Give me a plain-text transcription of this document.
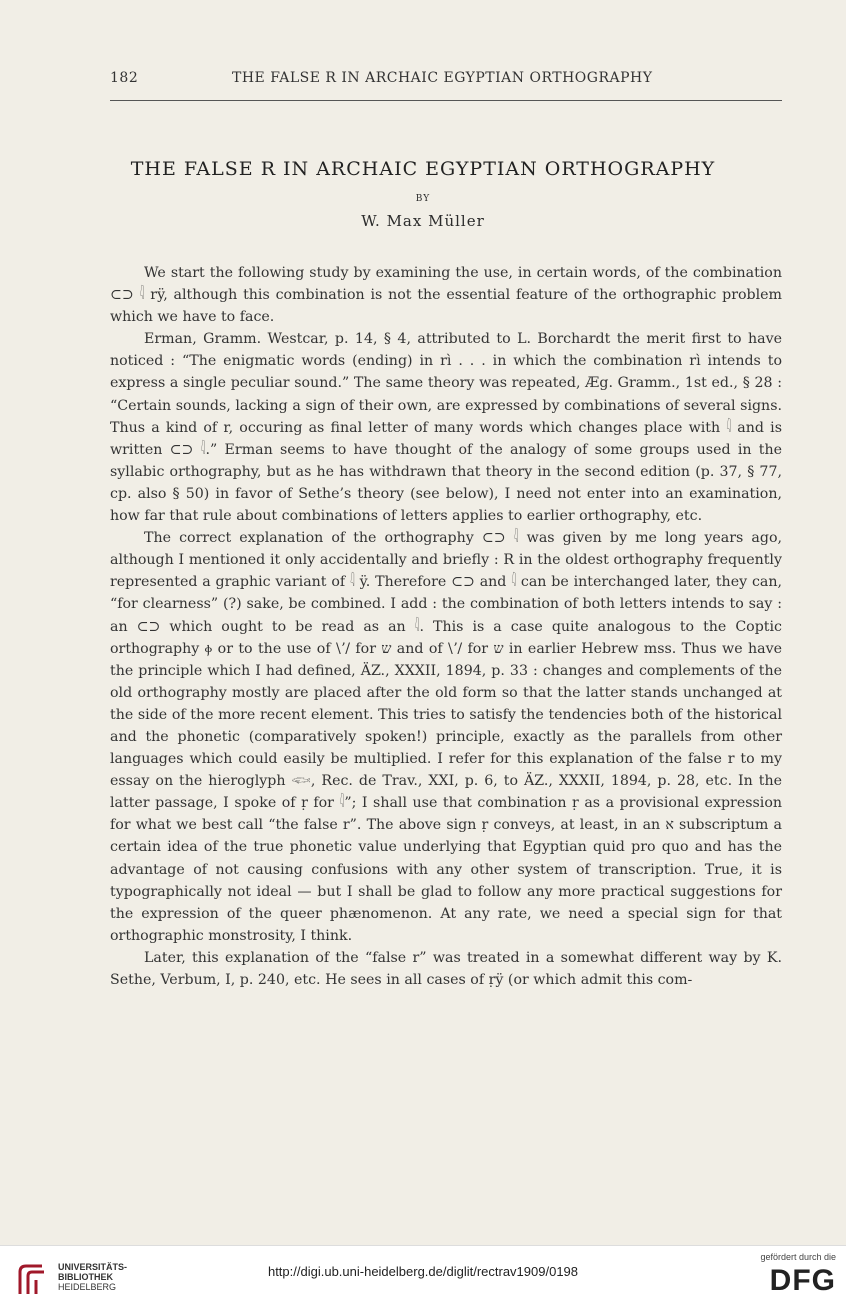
182	THE FALSE R IN ARCHAIC EGYPTIAN ORTHOGRAPHY
THE FALSE R IN ARCHAIC EGYPTIAN ORTHOGRAPHY
BY
W. Max Müller

We start the following study by examining the use, in certain words, of the combination ⊂⊃ 𓇋 rÿ, although this combination is not the essential feature of the orthographic problem which we have to face.

Erman, Gramm. Westcar, p. 14, § 4, attributed to L. Borchardt the merit first to have noticed : “The enigmatic words (ending) in rì . . . in which the combination rì intends to express a single peculiar sound.” The same theory was repeated, Æg. Gramm., 1st ed., § 28 : “Certain sounds, lacking a sign of their own, are expressed by combinations of several signs. Thus a kind of r, occuring as final letter of many words which changes place with 𓇋 and is written ⊂⊃ 𓇋.” Erman seems to have thought of the analogy of some groups used in the syllabic orthography, but as he has withdrawn that theory in the second edition (p. 37, § 77, cp. also § 50) in favor of Sethe’s theory (see below), I need not enter into an examination, how far that rule about combinations of letters applies to earlier orthography, etc.

The correct explanation of the orthography ⊂⊃ 𓇋 was given by me long years ago, although I mentioned it only accidentally and briefly : R in the oldest orthography frequently represented a graphic variant of 𓇋 ÿ. Therefore ⊂⊃ and 𓇋 can be interchanged later, they can, “for clearness” (?) sake, be combined. I add : the combination of both letters intends to say : an ⊂⊃ which ought to be read as an 𓇋. This is a case quite analogous to the Coptic orthography ⲫ or to the use of \ʼ/ for ש and of \ʼ/ for ש in earlier Hebrew mss. Thus we have the principle which I had defined, ÄZ., XXXII, 1894, p. 33 : changes and complements of the old orthography mostly are placed after the old form so that the latter stands unchanged at the side of the more recent element. This tries to satisfy the tendencies both of the historical and the phonetic (comparatively spoken!) principle, exactly as the parallels from other languages which could easily be multiplied. I refer for this explanation of the false r to my essay on the hieroglyph 𓆟, Rec. de Trav., XXI, p. 6, to ÄZ., XXXII, 1894, p. 28, etc. In the latter passage, I spoke of ṛ for 𓇋”; I shall use that combination ṛ as a provisional expression for what we best call “the false r”. The above sign ṛ conveys, at least, in an א subscriptum a certain idea of the true phonetic value underlying that Egyptian quid pro quo and has the advantage of not causing confusions with any other system of transcription. True, it is typographically not ideal — but I shall be glad to follow any more practical suggestions for the expression of the queer phænomenon. At any rate, we need a special sign for that orthographic monstrosity, I think.

Later, this explanation of the “false r” was treated in a somewhat different way by K. Sethe, Verbum, I, p. 240, etc. He sees in all cases of ṛÿ (or which admit this com-

UNIVERSITÄTS-
BIBLIOTHEK
HEIDELBERG
http://digi.ub.uni-heidelberg.de/diglit/rectrav1909/0198
gefördert durch die
DFG
